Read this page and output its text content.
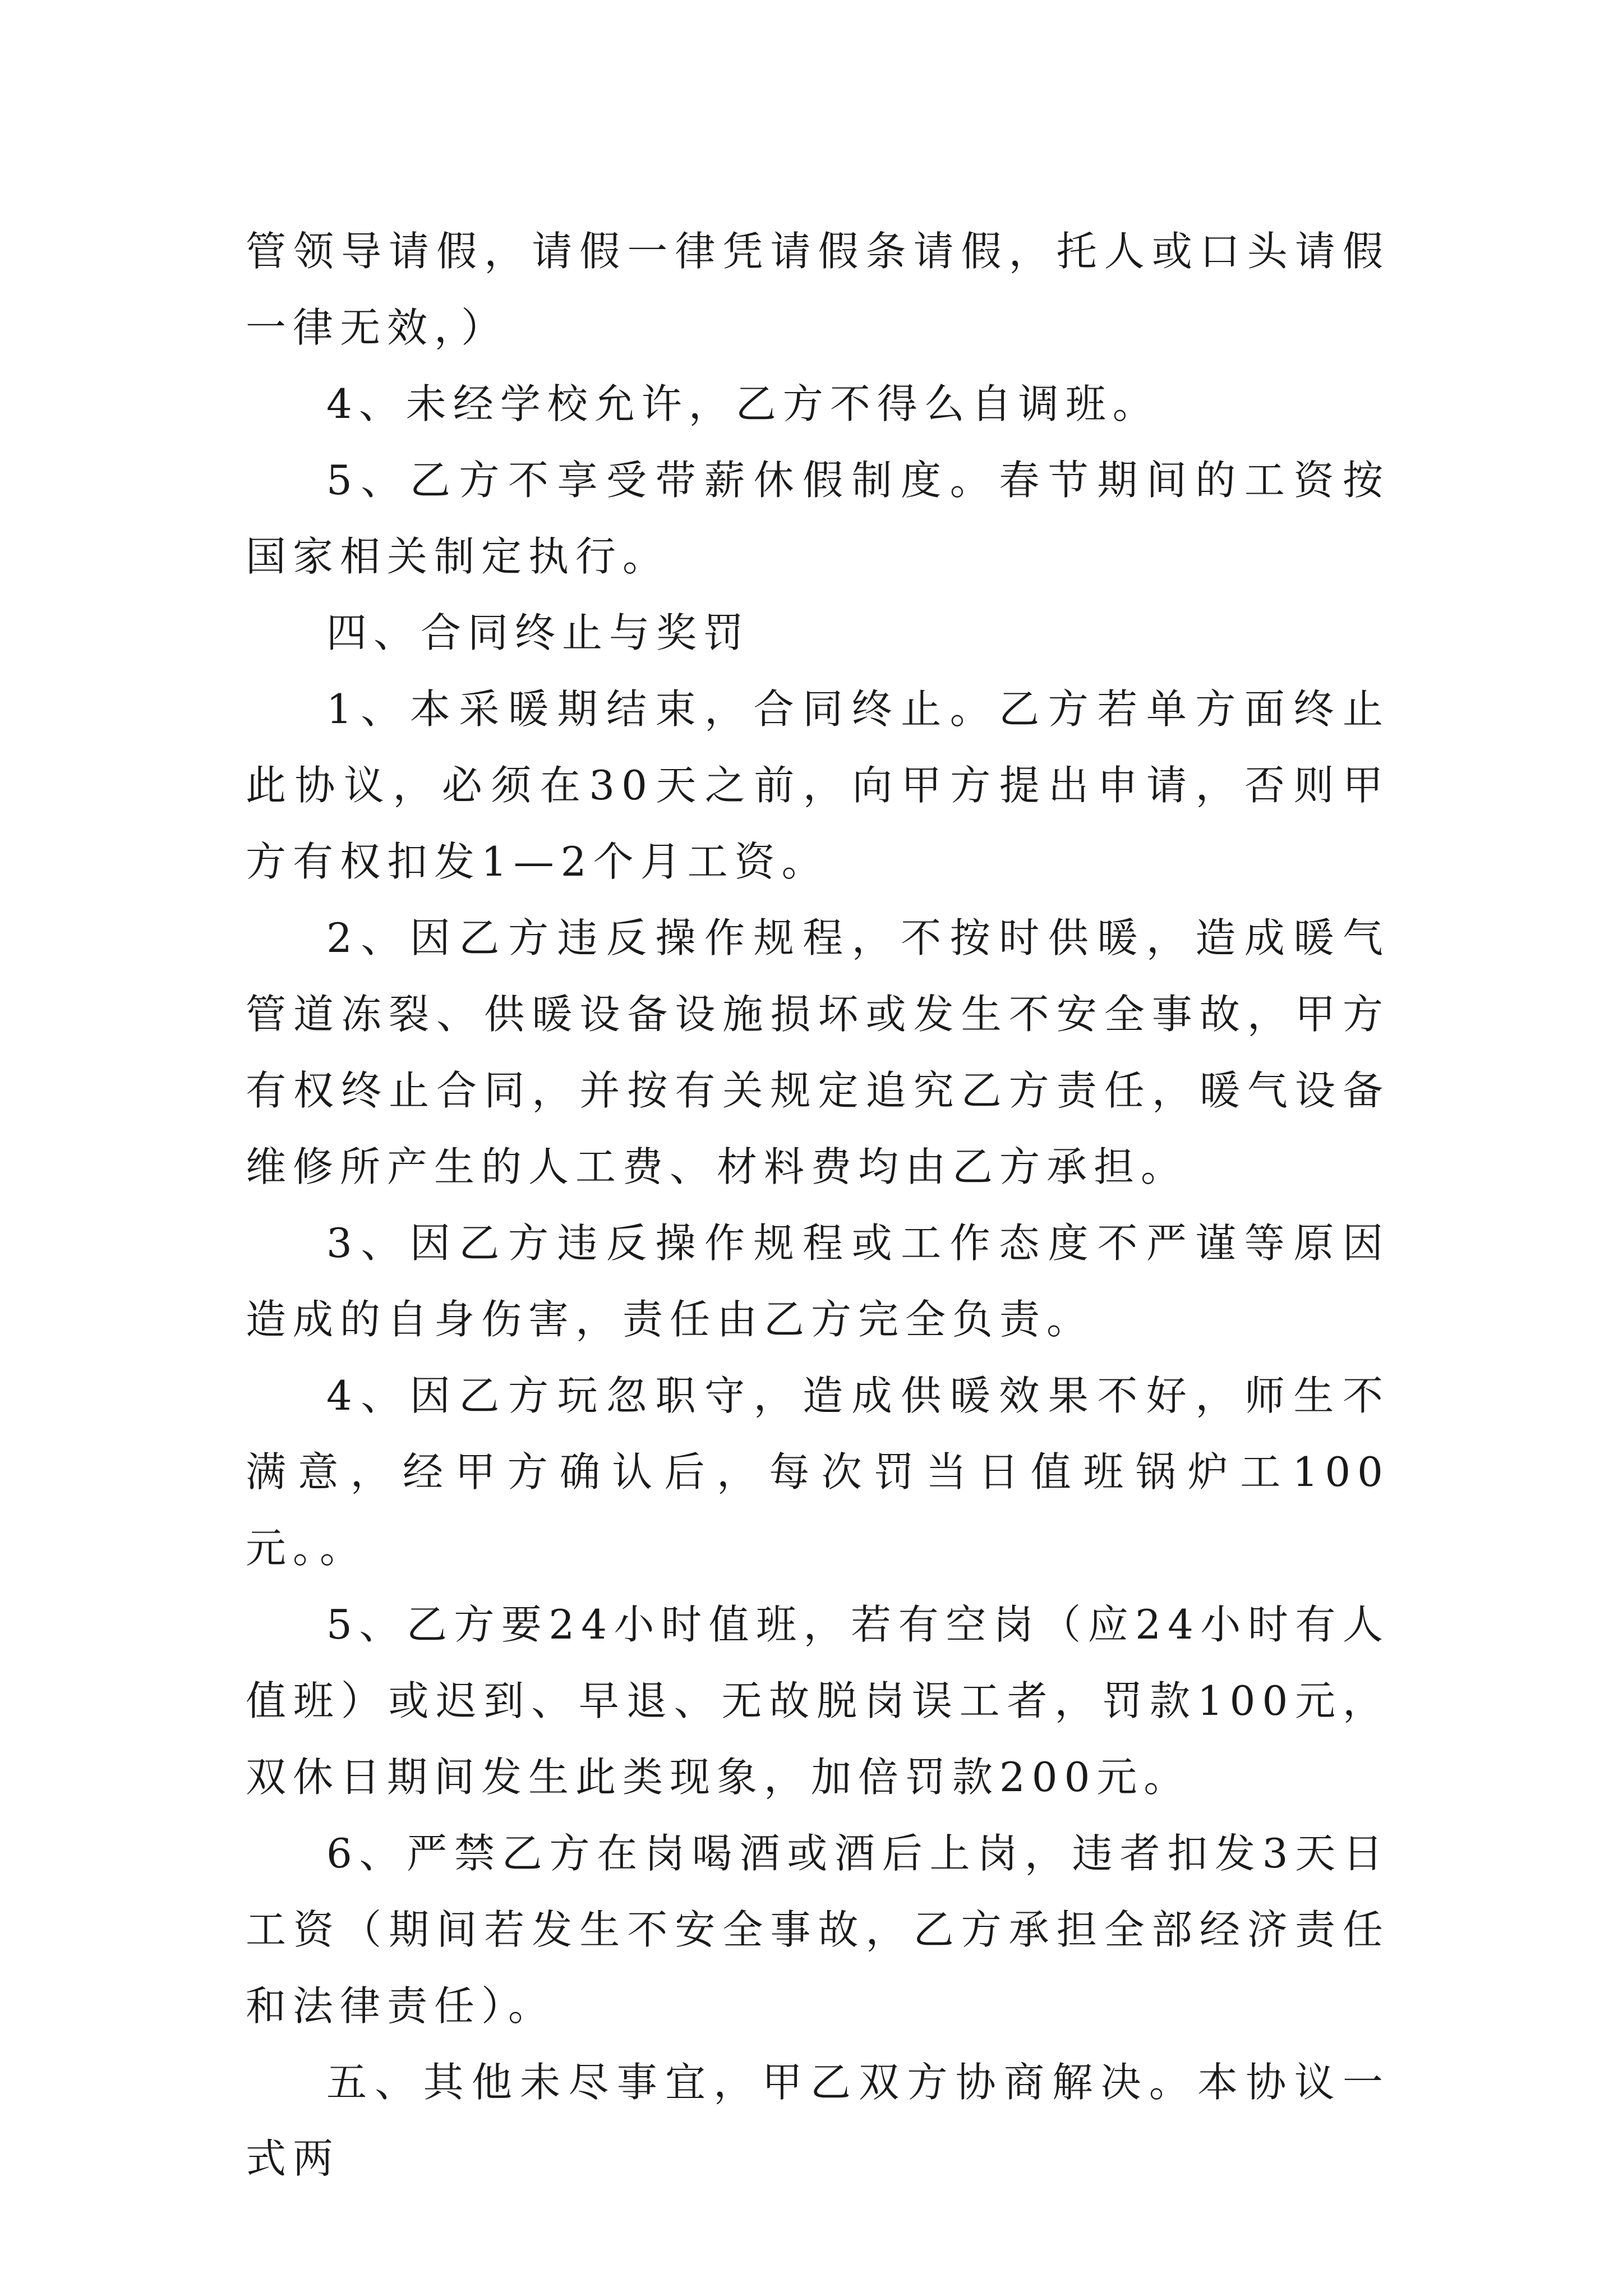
管领导请假，请假一律凭请假条请假，托人或口头请假一律无效，）

4、未经学校允许，乙方不得么自调班。

5、乙方不享受带薪休假制度。春节期间的工资按国家相关制定执行。

四、合同终止与奖罚

1、本采暖期结束，合同终止。乙方若单方面终止此协议，必须在30天之前，向甲方提出申请，否则甲方有权扣发1—2个月工资。

2、因乙方违反操作规程，不按时供暖，造成暖气管道冻裂、供暖设备设施损坏或发生不安全事故，甲方有权终止合同，并按有关规定追究乙方责任，暖气设备维修所产生的人工费、材料费均由乙方承担。

3、因乙方违反操作规程或工作态度不严谨等原因造成的自身伤害，责任由乙方完全负责。

4、因乙方玩忽职守，造成供暖效果不好，师生不满意，经甲方确认后，每次罚当日值班锅炉工100元。。

5、乙方要24小时值班，若有空岗（应24小时有人值班）或迟到、早退、无故脱岗误工者，罚款100元，双休日期间发生此类现象，加倍罚款200元。

6、严禁乙方在岗喝酒或酒后上岗，违者扣发3天日工资（期间若发生不安全事故，乙方承担全部经济责任和法律责任）。

五、其他未尽事宜，甲乙双方协商解决。本协议一式两
